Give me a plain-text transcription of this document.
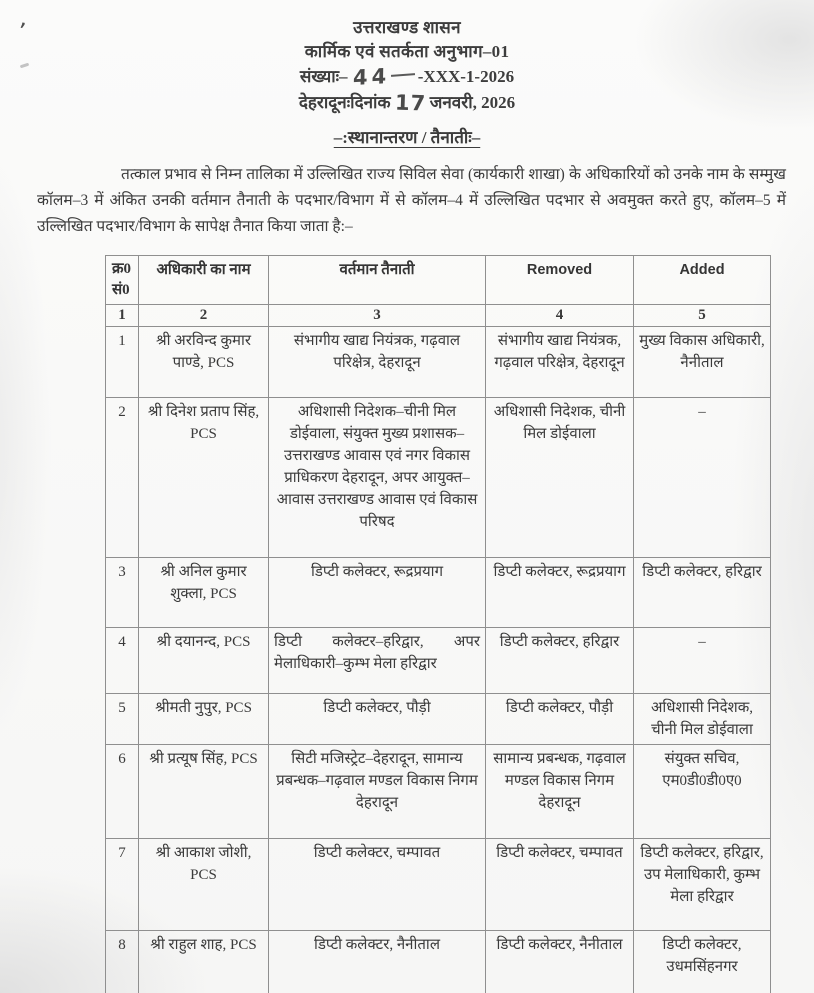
ʼ	उत्तराखण्ड शासन
कार्मिक एवं सतर्कता अनुभाग–01
संख्याः– 44 -XXX-1-2026
देहरादूनःदिनांक 17 जनवरी, 2026
–:स्थानान्तरण / तैनातीः–

तत्काल प्रभाव से निम्न तालिका में उल्लिखित राज्य सिविल सेवा (कार्यकारी शाखा) के अधिकारियों को उनके नाम के सम्मुख कॉलम–3 में अंकित उनकी वर्तमान तैनाती के पदभार/विभाग में से कॉलम–4 में उल्लिखित पदभार से अवमुक्त करते हुए, कॉलम–5 में उल्लिखित पदभार/विभाग के सापेक्ष तैनात किया जाता है:–

क्र0
सं0	अधिकारी का नाम	वर्तमान तैनाती	Removed	Added
1	2	3	4	5
1	श्री अरविन्द कुमार पाण्डे, PCS	संभागीय खाद्य नियंत्रक, गढ़वाल परिक्षेत्र, देहरादून	संभागीय खाद्य नियंत्रक, गढ़वाल परिक्षेत्र, देहरादून	मुख्य विकास अधिकारी, नैनीताल
2	श्री दिनेश प्रताप सिंह, PCS	अधिशासी निदेशक–चीनी मिल डोईवाला, संयुक्त मुख्य प्रशासक–उत्तराखण्ड आवास एवं नगर विकास प्राधिकरण देहरादून, अपर आयुक्त–आवास उत्तराखण्ड आवास एवं विकास परिषद	अधिशासी निदेशक, चीनी मिल डोईवाला	–
3	श्री अनिल कुमार शुक्ला, PCS	डिप्टी कलेक्टर, रूद्रप्रयाग	डिप्टी कलेक्टर, रूद्रप्रयाग	डिप्टी कलेक्टर, हरिद्वार
4	श्री दयानन्द, PCS	डिप्टी कलेक्टर–हरिद्वार, अपर मेलाधिकारी–कुम्भ मेला हरिद्वार	डिप्टी कलेक्टर, हरिद्वार	–
5	श्रीमती नुपुर, PCS	डिप्टी कलेक्टर, पौड़ी	डिप्टी कलेक्टर, पौड़ी	अधिशासी निदेशक, चीनी मिल डोईवाला
6	श्री प्रत्यूष सिंह, PCS	सिटी मजिस्ट्रेट–देहरादून, सामान्य प्रबन्धक–गढ़वाल मण्डल विकास निगम देहरादून	सामान्य प्रबन्धक, गढ़वाल मण्डल विकास निगम देहरादून	संयुक्त सचिव, एम0डी0डी0ए0
7	श्री आकाश जोशी, PCS	डिप्टी कलेक्टर, चम्पावत	डिप्टी कलेक्टर, चम्पावत	डिप्टी कलेक्टर, हरिद्वार, उप मेलाधिकारी, कुम्भ मेला हरिद्वार
8	श्री राहुल शाह, PCS	डिप्टी कलेक्टर, नैनीताल	डिप्टी कलेक्टर, नैनीताल	डिप्टी कलेक्टर, उधमसिंहनगर
